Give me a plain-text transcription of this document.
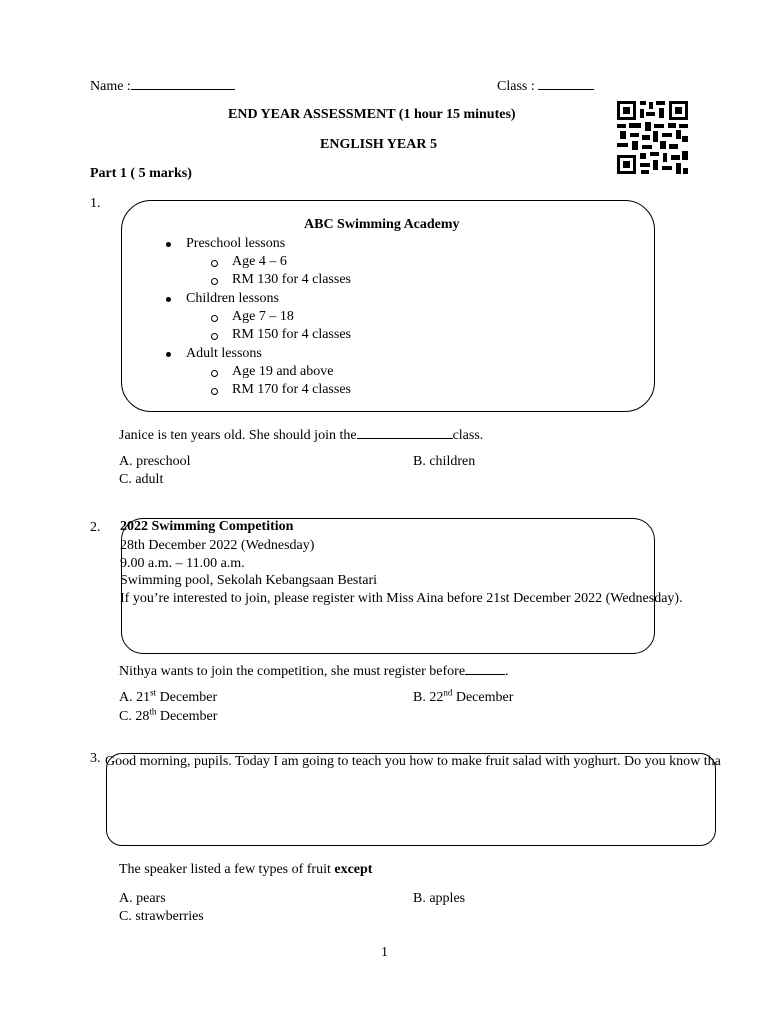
Name :	Class :
END YEAR ASSESSMENT (1 hour 15 minutes)
ENGLISH YEAR 5
Part 1 ( 5 marks)
1.
ABC Swimming Academy
Preschool lessons
Age 4 – 6
RM 130 for 4 classes
Children lessons
Age 7 – 18
RM 150 for 4 classes
Adult lessons
Age 19 and above
RM 170 for 4 classes
Janice is ten years old. She should join the	class.
A. preschool	B. children
C. adult
2. 2022 Swimming Competition
28th December 2022 (Wednesday)
9.00 a.m. – 11.00 a.m.
Swimming pool, Sekolah Kebangsaan Bestari
If you’re interested to join, please register with Miss Aina before 21st December 2022 (Wednesday).
Nithya wants to join the competition, she must register before	.
A. 21st December	B. 22nd December
C. 28th December
3. Good morning, pupils. Today I am going to teach you how to make fruit salad with yoghurt. Do you know tha
The speaker listed a few types of fruit except
A. pears	B. apples
C. strawberries
1
